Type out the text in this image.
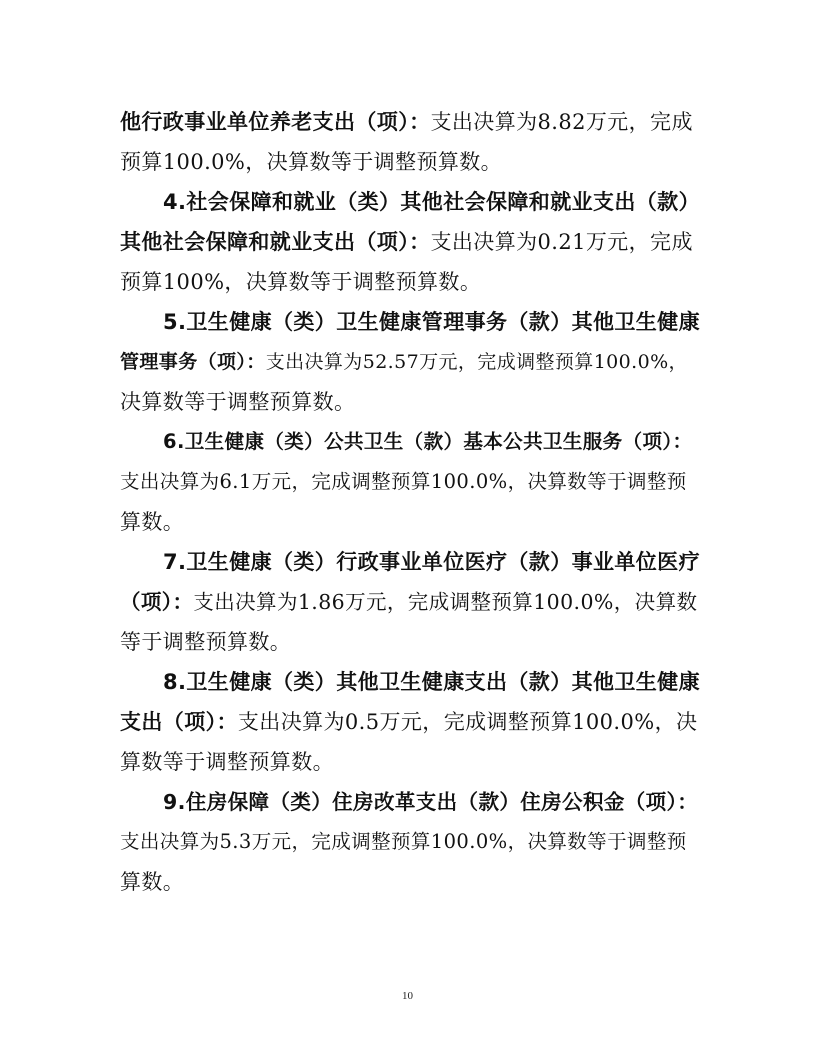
他行政事业单位养老支出（项）：支出决算为8.82万元，完成
预算100.0%，决算数等于调整预算数。
4.社会保障和就业（类）其他社会保障和就业支出（款）
其他社会保障和就业支出（项）：支出决算为0.21万元，完成
预算100%，决算数等于调整预算数。
5.卫生健康（类）卫生健康管理事务（款）其他卫生健康
管理事务（项）：支出决算为52.57万元，完成调整预算100.0%，
决算数等于调整预算数。
6.卫生健康（类）公共卫生（款）基本公共卫生服务（项）：
支出决算为6.1万元，完成调整预算100.0%，决算数等于调整预
算数。
7.卫生健康（类）行政事业单位医疗（款）事业单位医疗
（项）：支出决算为1.86万元，完成调整预算100.0%，决算数
等于调整预算数。
8.卫生健康（类）其他卫生健康支出（款）其他卫生健康
支出（项）：支出决算为0.5万元，完成调整预算100.0%，决
算数等于调整预算数。
9.住房保障（类）住房改革支出（款）住房公积金（项）：
支出决算为5.3万元，完成调整预算100.0%，决算数等于调整预
算数。
10
